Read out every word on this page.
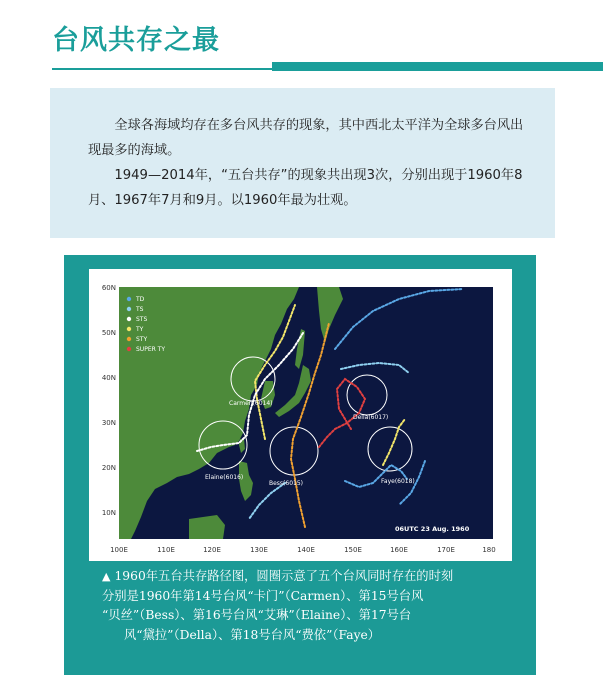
台风共存之最

全球各海域均存在多台风共存的现象，其中西北太平洋为全球多台风出现最多的海域。

1949—2014年，“五台共存”的现象共出现3次，分别出现于1960年8月、1967年7月和9月。以1960年最为壮观。

TD
TS
STS
TY
STY
SUPER TY
Carmen(6014)
Della(6017)
Elaine(6016)
Bess(6015)	Faye(6018)
06UTC 23 Aug. 1960
60N
50N
40N
30N
20N
10N
100E	110E	120E	130E	140E	150E	160E	170E	180
▲ 1960年五台共存路径图，圆圈示意了五个台风同时存在的时刻
分别是1960年第14号台风“卡门”（Carmen）、第15号台风
“贝丝”（Bess）、第16号台风“艾琳”（Elaine）、第17号台
风“黛拉”（Della）、第18号台风“费依”（Faye）
